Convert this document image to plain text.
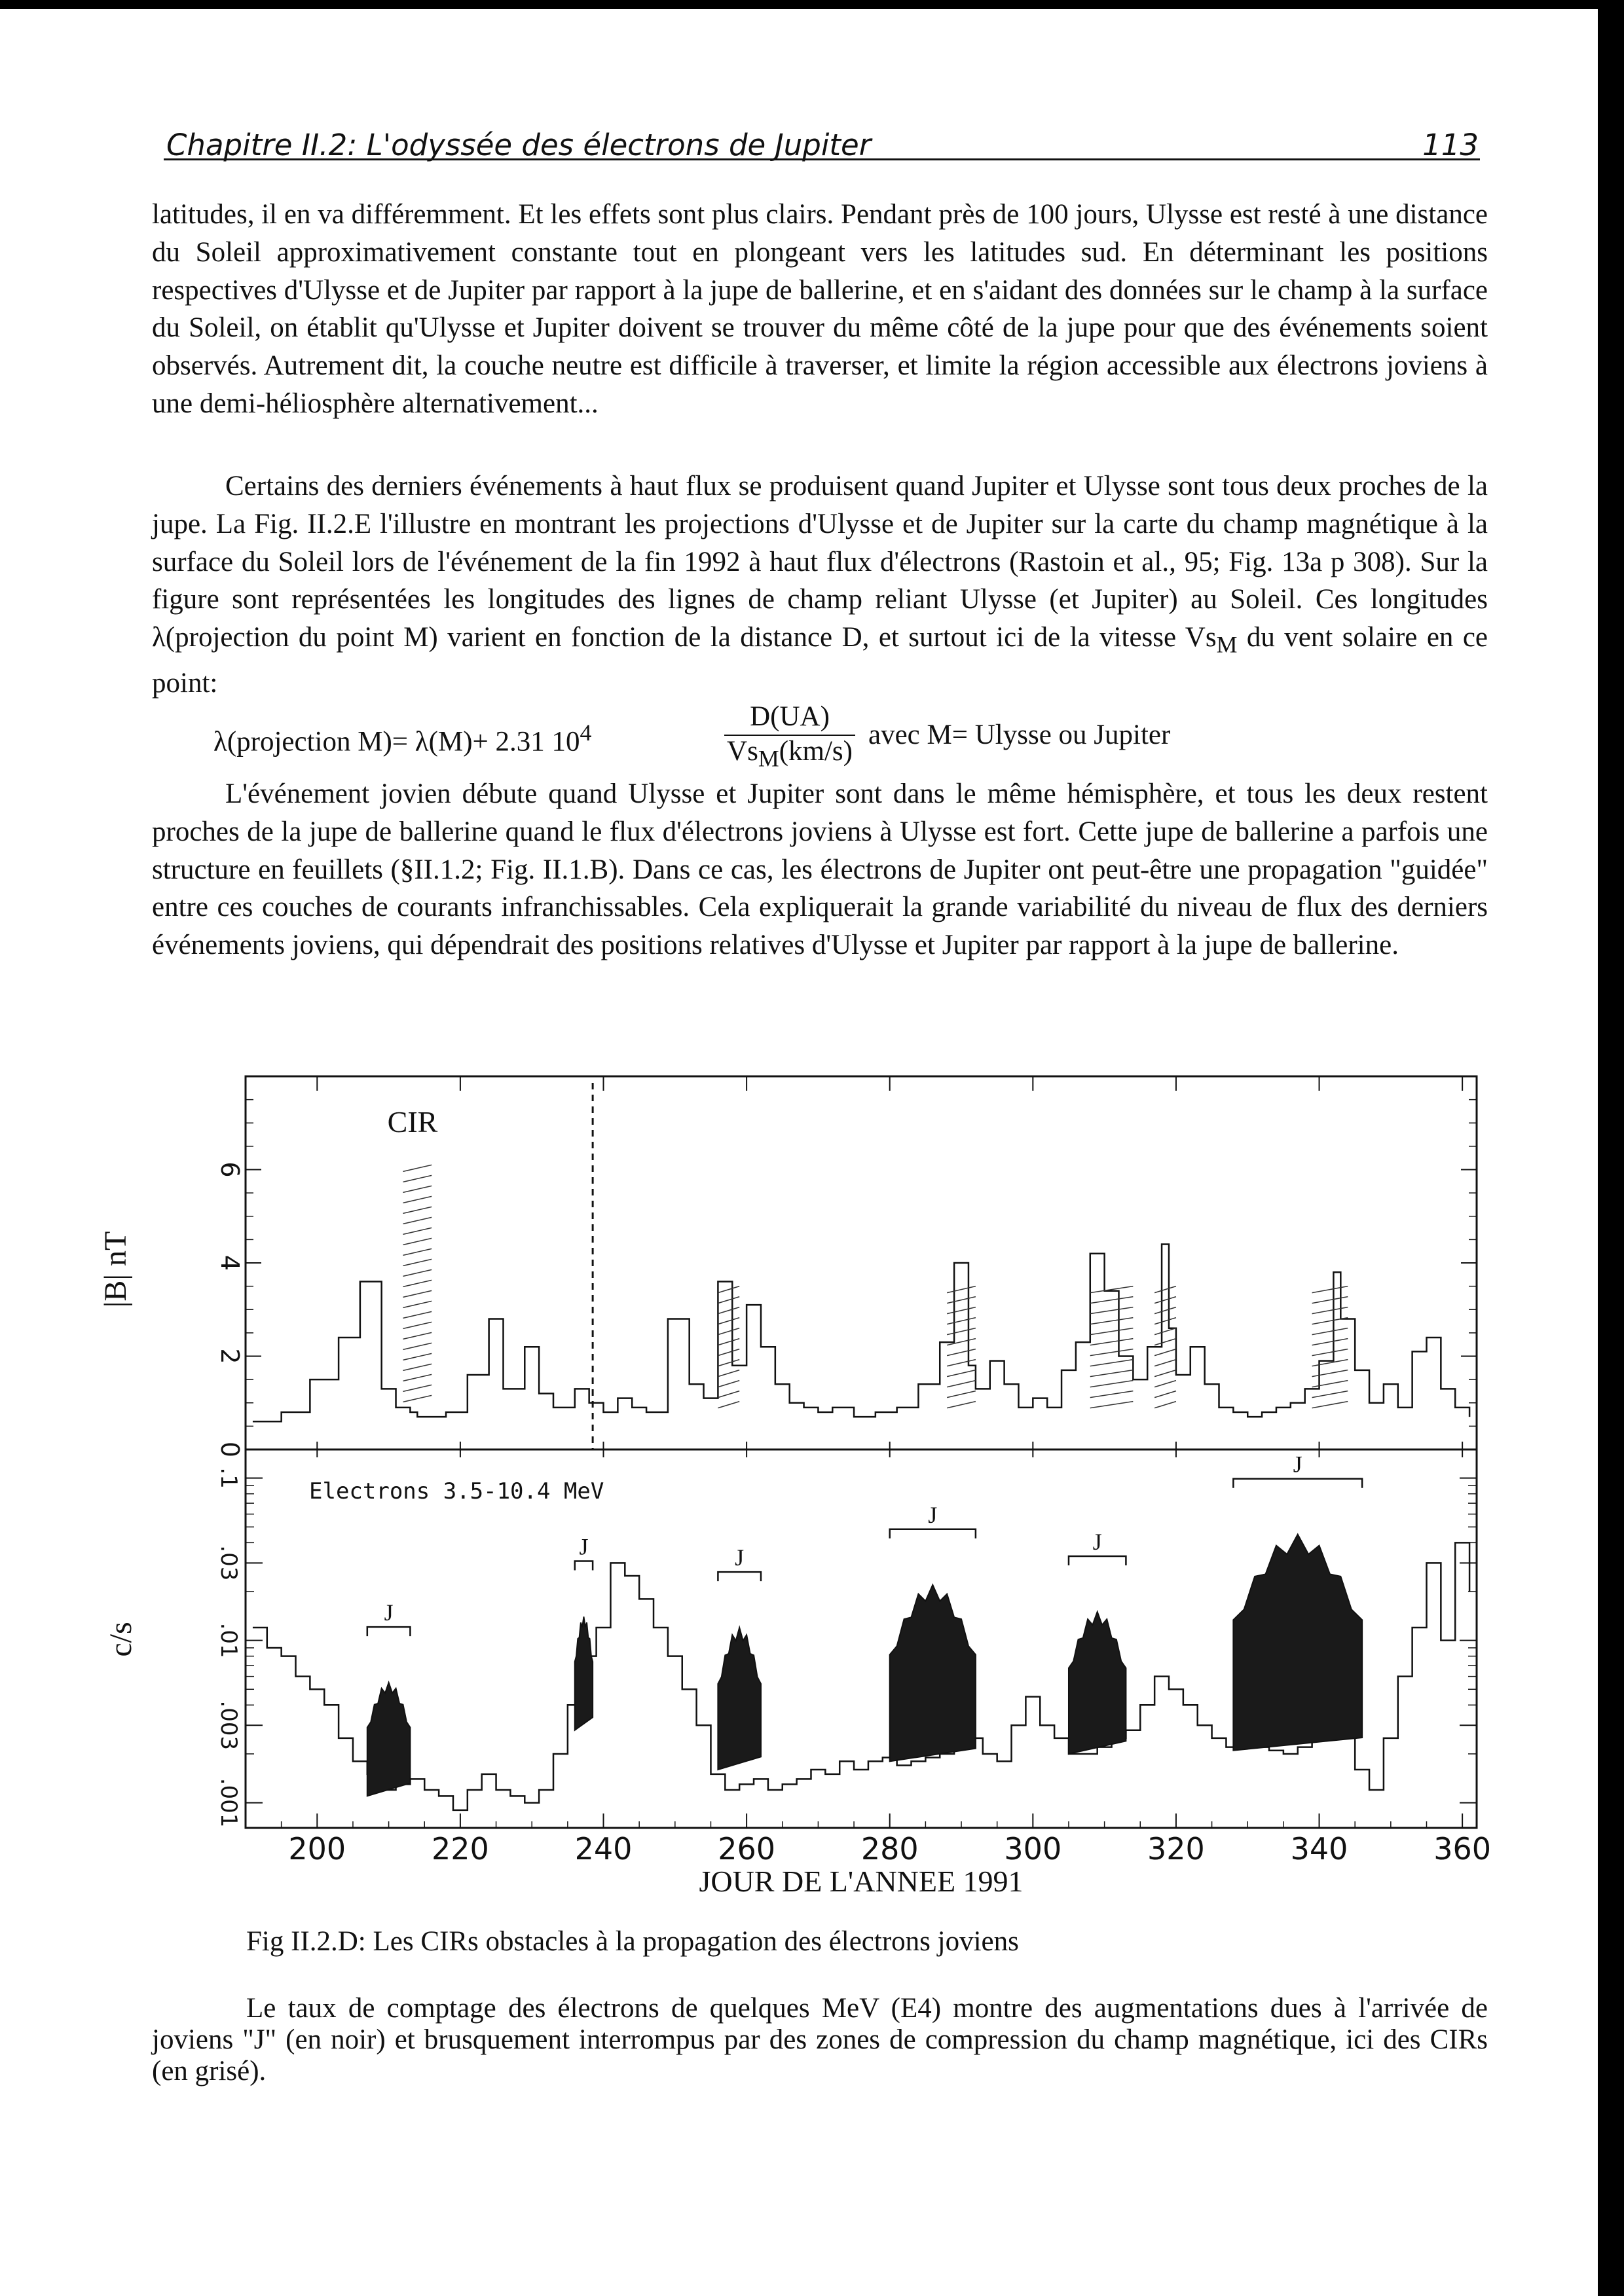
Chapitre II.2: L'odyssée des électrons de Jupiter	113

latitudes, il en va différemment. Et les effets sont plus clairs. Pendant près de 100 jours, Ulysse est resté à une distance du Soleil approximativement constante tout en plongeant vers les latitudes sud. En déterminant les positions respectives d'Ulysse et de Jupiter par rapport à la jupe de ballerine, et en s'aidant des données sur le champ à la surface du Soleil, on établit qu'Ulysse et Jupiter doivent se trouver du même côté de la jupe pour que des événements soient observés. Autrement dit, la couche neutre est difficile à traverser, et limite la région accessible aux électrons joviens à une demi-héliosphère alternativement...

Certains des derniers événements à haut flux se produisent quand Jupiter et Ulysse sont tous deux proches de la jupe. La Fig. II.2.E l'illustre en montrant les projections d'Ulysse et de Jupiter sur la carte du champ magnétique à la surface du Soleil lors de l'événement de la fin 1992 à haut flux d'électrons (Rastoin et al., 95; Fig. 13a p 308). Sur la figure sont représentées les longitudes des lignes de champ reliant Ulysse (et Jupiter) au Soleil. Ces longitudes λ(projection du point M) varient en fonction de la distance D, et surtout ici de la vitesse $Vs_M$ du vent solaire en ce point:

λ(projection M)= λ(M)+ 2.31 $10^4$
D(UA)
$Vs_M(km/s)$
avec M= Ulysse ou Jupiter

L'événement jovien débute quand Ulysse et Jupiter sont dans le même hémisphère, et tous les deux restent proches de la jupe de ballerine quand le flux d'électrons joviens à Ulysse est fort. Cette jupe de ballerine a parfois une structure en feuillets (§II.1.2; Fig. II.1.B). Dans ce cas, les électrons de Jupiter ont peut-être une propagation "guidée" entre ces couches de courants infranchissables. Cela expliquerait la grande variabilité du niveau de flux des derniers événements joviens, qui dépendrait des positions relatives d'Ulysse et Jupiter par rapport à la jupe de ballerine.

200	220	240	260	280	300	320	340	360
0
2
4
6
|B| nT
CIR
.001
.003
.01
.03
.1
c/s
Electrons 3.5-10.4 MeV
JOUR DE L'ANNEE 1991
J
J	J
J
J
J
Fig II.2.D: Les CIRs obstacles à la propagation des électrons joviens
Le taux de comptage des électrons de quelques MeV (E4) montre des augmentations dues à l'arrivée de joviens "J" (en noir) et brusquement interrompus par des zones de compression du champ magnétique, ici des CIRs (en grisé).
